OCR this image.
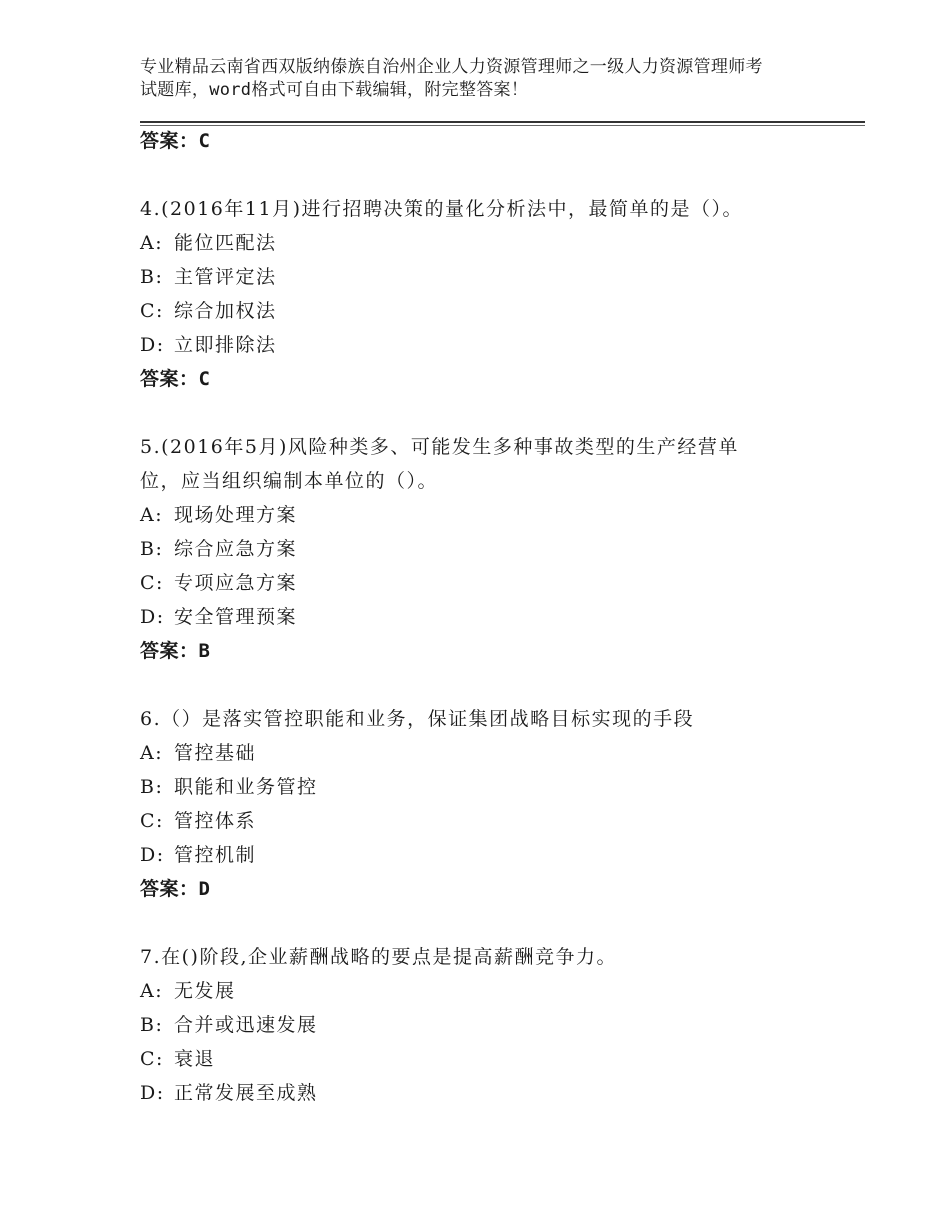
专业精品云南省西双版纳傣族自治州企业人力资源管理师之一级人力资源管理师考
试题库，word格式可自由下载编辑，附完整答案！
答案：C
4.(2016年11月)进行招聘决策的量化分析法中，最简单的是（）。
A: 能位匹配法
B: 主管评定法
C: 综合加权法
D: 立即排除法
答案：C
5.(2016年5月)风险种类多、可能发生多种事故类型的生产经营单
位，应当组织编制本单位的（）。
A: 现场处理方案
B: 综合应急方案
C: 专项应急方案
D: 安全管理预案
答案：B
6.（）是落实管控职能和业务，保证集团战略目标实现的手段
A: 管控基础
B: 职能和业务管控
C: 管控体系
D: 管控机制
答案：D
7.在()阶段,企业薪酬战略的要点是提高薪酬竞争力。
A: 无发展
B: 合并或迅速发展
C: 衰退
D: 正常发展至成熟
